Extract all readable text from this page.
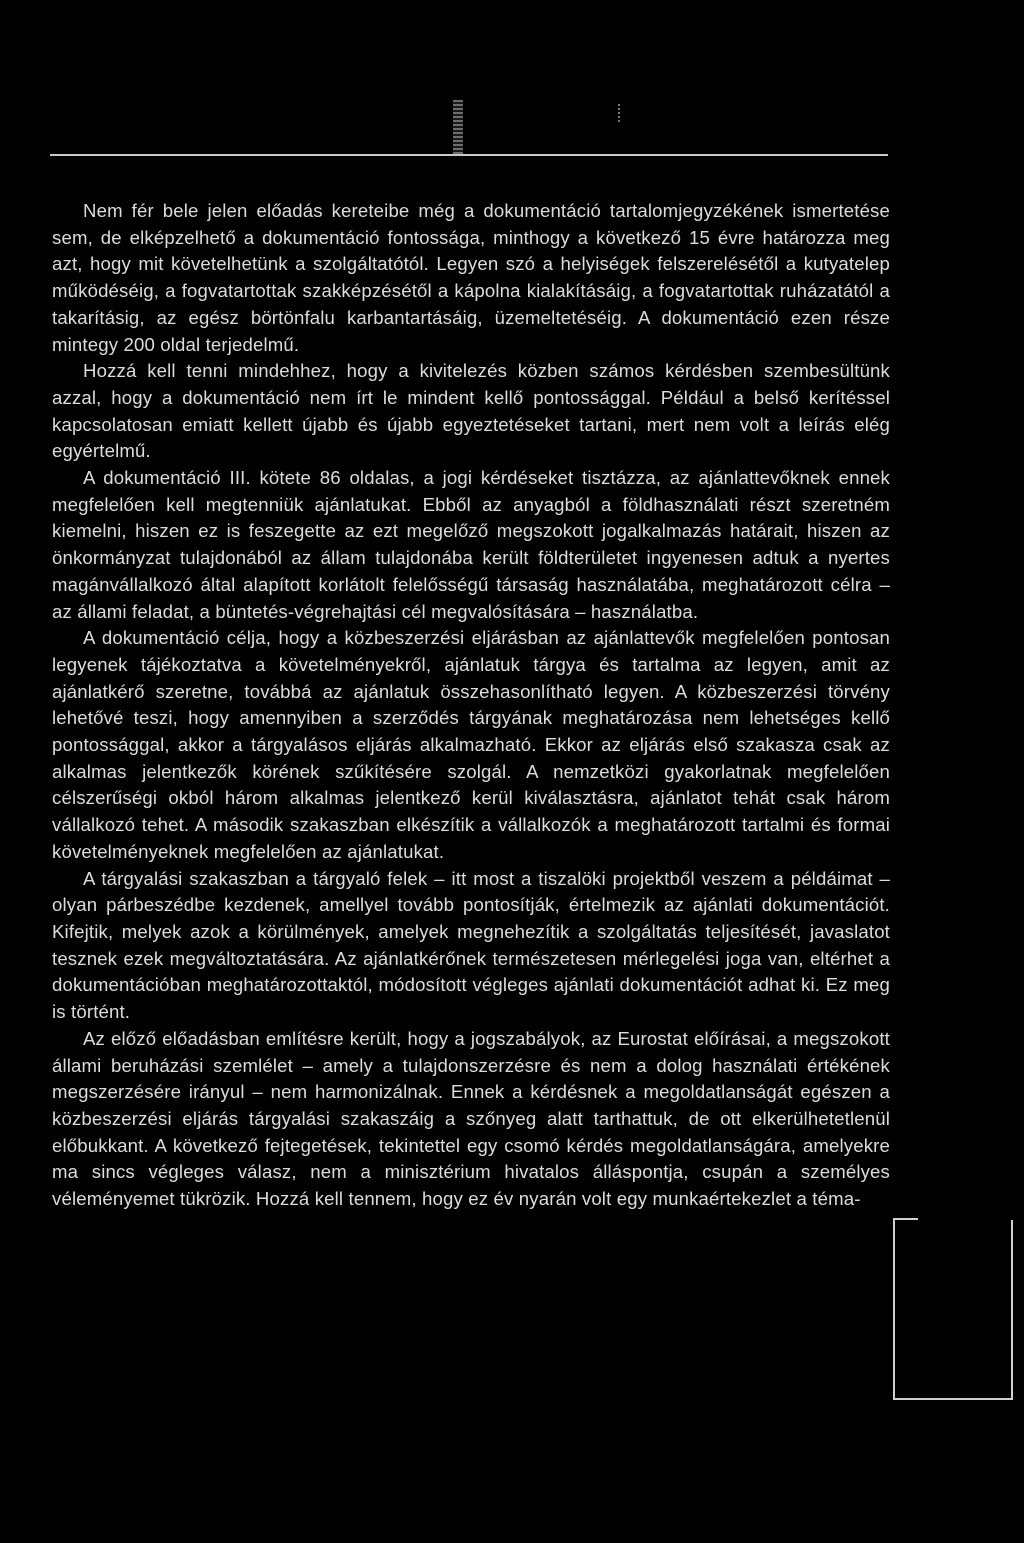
Nem fér bele jelen előadás kereteibe még a dokumentáció tartalomjegyzékének ismertetése sem, de elképzelhető a dokumentáció fontossága, minthogy a következő 15 évre határozza meg azt, hogy mit követelhetünk a szolgáltatótól. Legyen szó a helyiségek felszerelésétől a kutyatelep működéséig, a fogvatartottak szakképzésétől a kápolna kialakításáig, a fogvatartottak ruházatától a takarításig, az egész börtönfalu karbantartásáig, üzemeltetéséig. A dokumentáció ezen része mintegy 200 oldal terjedelmű.

Hozzá kell tenni mindehhez, hogy a kivitelezés közben számos kérdésben szembesültünk azzal, hogy a dokumentáció nem írt le mindent kellő pontossággal. Például a belső kerítéssel kapcsolatosan emiatt kellett újabb és újabb egyeztetéseket tartani, mert nem volt a leírás elég egyértelmű.

A dokumentáció III. kötete 86 oldalas, a jogi kérdéseket tisztázza, az ajánlattevőknek ennek megfelelően kell megtenniük ajánlatukat. Ebből az anyagból a földhasználati részt szeretném kiemelni, hiszen ez is feszegette az ezt megelőző megszokott jogalkalmazás határait, hiszen az önkormányzat tulajdonából az állam tulajdonába került földterületet ingyenesen adtuk a nyertes magánvállalkozó által alapított korlátolt felelősségű társaság használatába, meghatározott célra – az állami feladat, a büntetés-végrehajtási cél megvalósítására – használatba.

A dokumentáció célja, hogy a közbeszerzési eljárásban az ajánlattevők megfelelően pontosan legyenek tájékoztatva a követelményekről, ajánlatuk tárgya és tartalma az legyen, amit az ajánlatkérő szeretne, továbbá az ajánlatuk összehasonlítható legyen. A közbeszerzési törvény lehetővé teszi, hogy amennyiben a szerződés tárgyának meghatározása nem lehetséges kellő pontossággal, akkor a tárgyalásos eljárás alkalmazható. Ekkor az eljárás első szakasza csak az alkalmas jelentkezők körének szűkítésére szolgál. A nemzetközi gyakorlatnak megfelelően célszerűségi okból három alkalmas jelentkező kerül kiválasztásra, ajánlatot tehát csak három vállalkozó tehet. A második szakaszban elkészítik a vállalkozók a meghatározott tartalmi és formai követelményeknek megfelelően az ajánlatukat.

A tárgyalási szakaszban a tárgyaló felek – itt most a tiszalöki projektből veszem a példáimat – olyan párbeszédbe kezdenek, amellyel tovább pontosítják, értelmezik az ajánlati dokumentációt. Kifejtik, melyek azok a körülmények, amelyek megnehezítik a szolgáltatás teljesítését, javaslatot tesznek ezek megváltoztatására. Az ajánlatkérőnek természetesen mérlegelési joga van, eltérhet a dokumentációban meghatározottaktól, módosított végleges ajánlati dokumentációt adhat ki. Ez meg is történt.

Az előző előadásban említésre került, hogy a jogszabályok, az Eurostat előírásai, a megszokott állami beruházási szemlélet – amely a tulajdonszerzésre és nem a dolog használati értékének megszerzésére irányul – nem harmonizálnak. Ennek a kérdésnek a megoldatlanságát egészen a közbeszerzési eljárás tárgyalási szakaszáig a szőnyeg alatt tarthattuk, de ott elkerülhetetlenül előbukkant. A következő fejtegetések, tekintettel egy csomó kérdés megoldatlanságára, amelyekre ma sincs végleges válasz, nem a minisztérium hivatalos álláspontja, csupán a személyes véleményemet tükrözik. Hozzá kell tennem, hogy ez év nyarán volt egy munkaértekezlet a téma-
